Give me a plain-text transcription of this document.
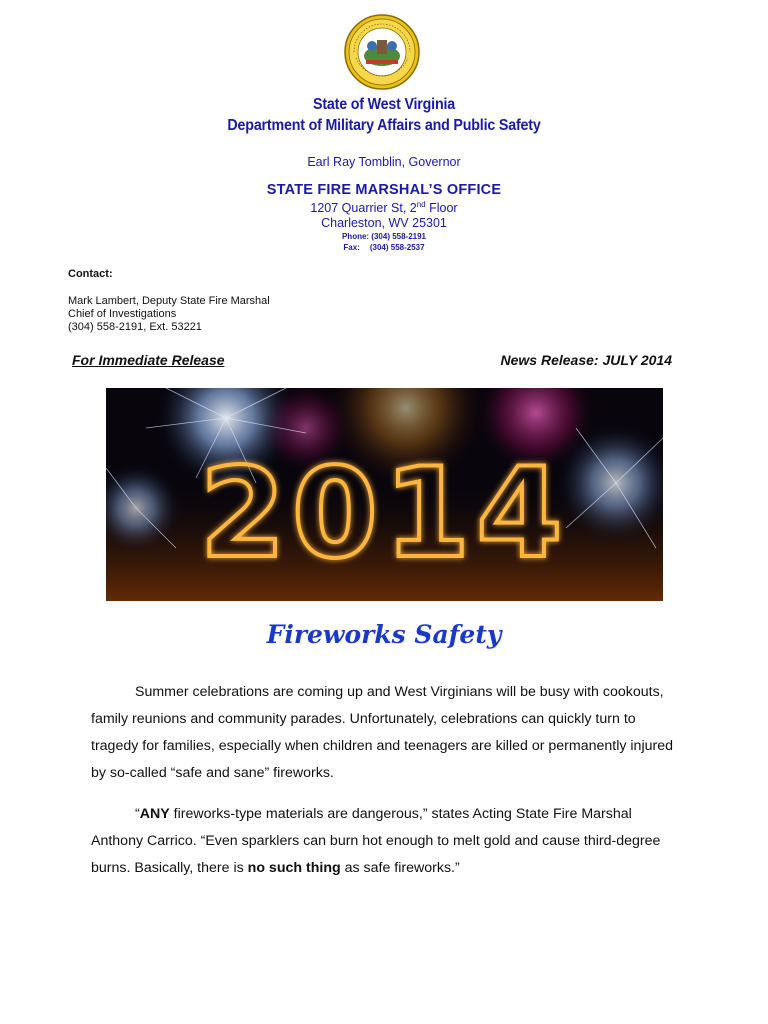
State of West Virginia
Department of Military Affairs and Public Safety
Earl Ray Tomblin, Governor
STATE FIRE MARSHAL’S OFFICE
1207 Quarrier St, 2nd Floor
Charleston, WV 25301
Phone: (304) 558-2191
Fax: (304) 558-2537
Contact:
Mark Lambert, Deputy State Fire Marshal
Chief of Investigations
(304) 558-2191, Ext. 53221
For Immediate Release	News Release: JULY 2014
2014
Fireworks Safety
Summer celebrations are coming up and West Virginians will be busy with cookouts, family reunions and community parades. Unfortunately, celebrations can quickly turn to tragedy for families, especially when children and teenagers are killed or permanently injured by so-called “safe and sane” fireworks.
“ANY fireworks-type materials are dangerous,” states Acting State Fire Marshal Anthony Carrico. “Even sparklers can burn hot enough to melt gold and cause third-degree burns. Basically, there is no such thing as safe fireworks.”
